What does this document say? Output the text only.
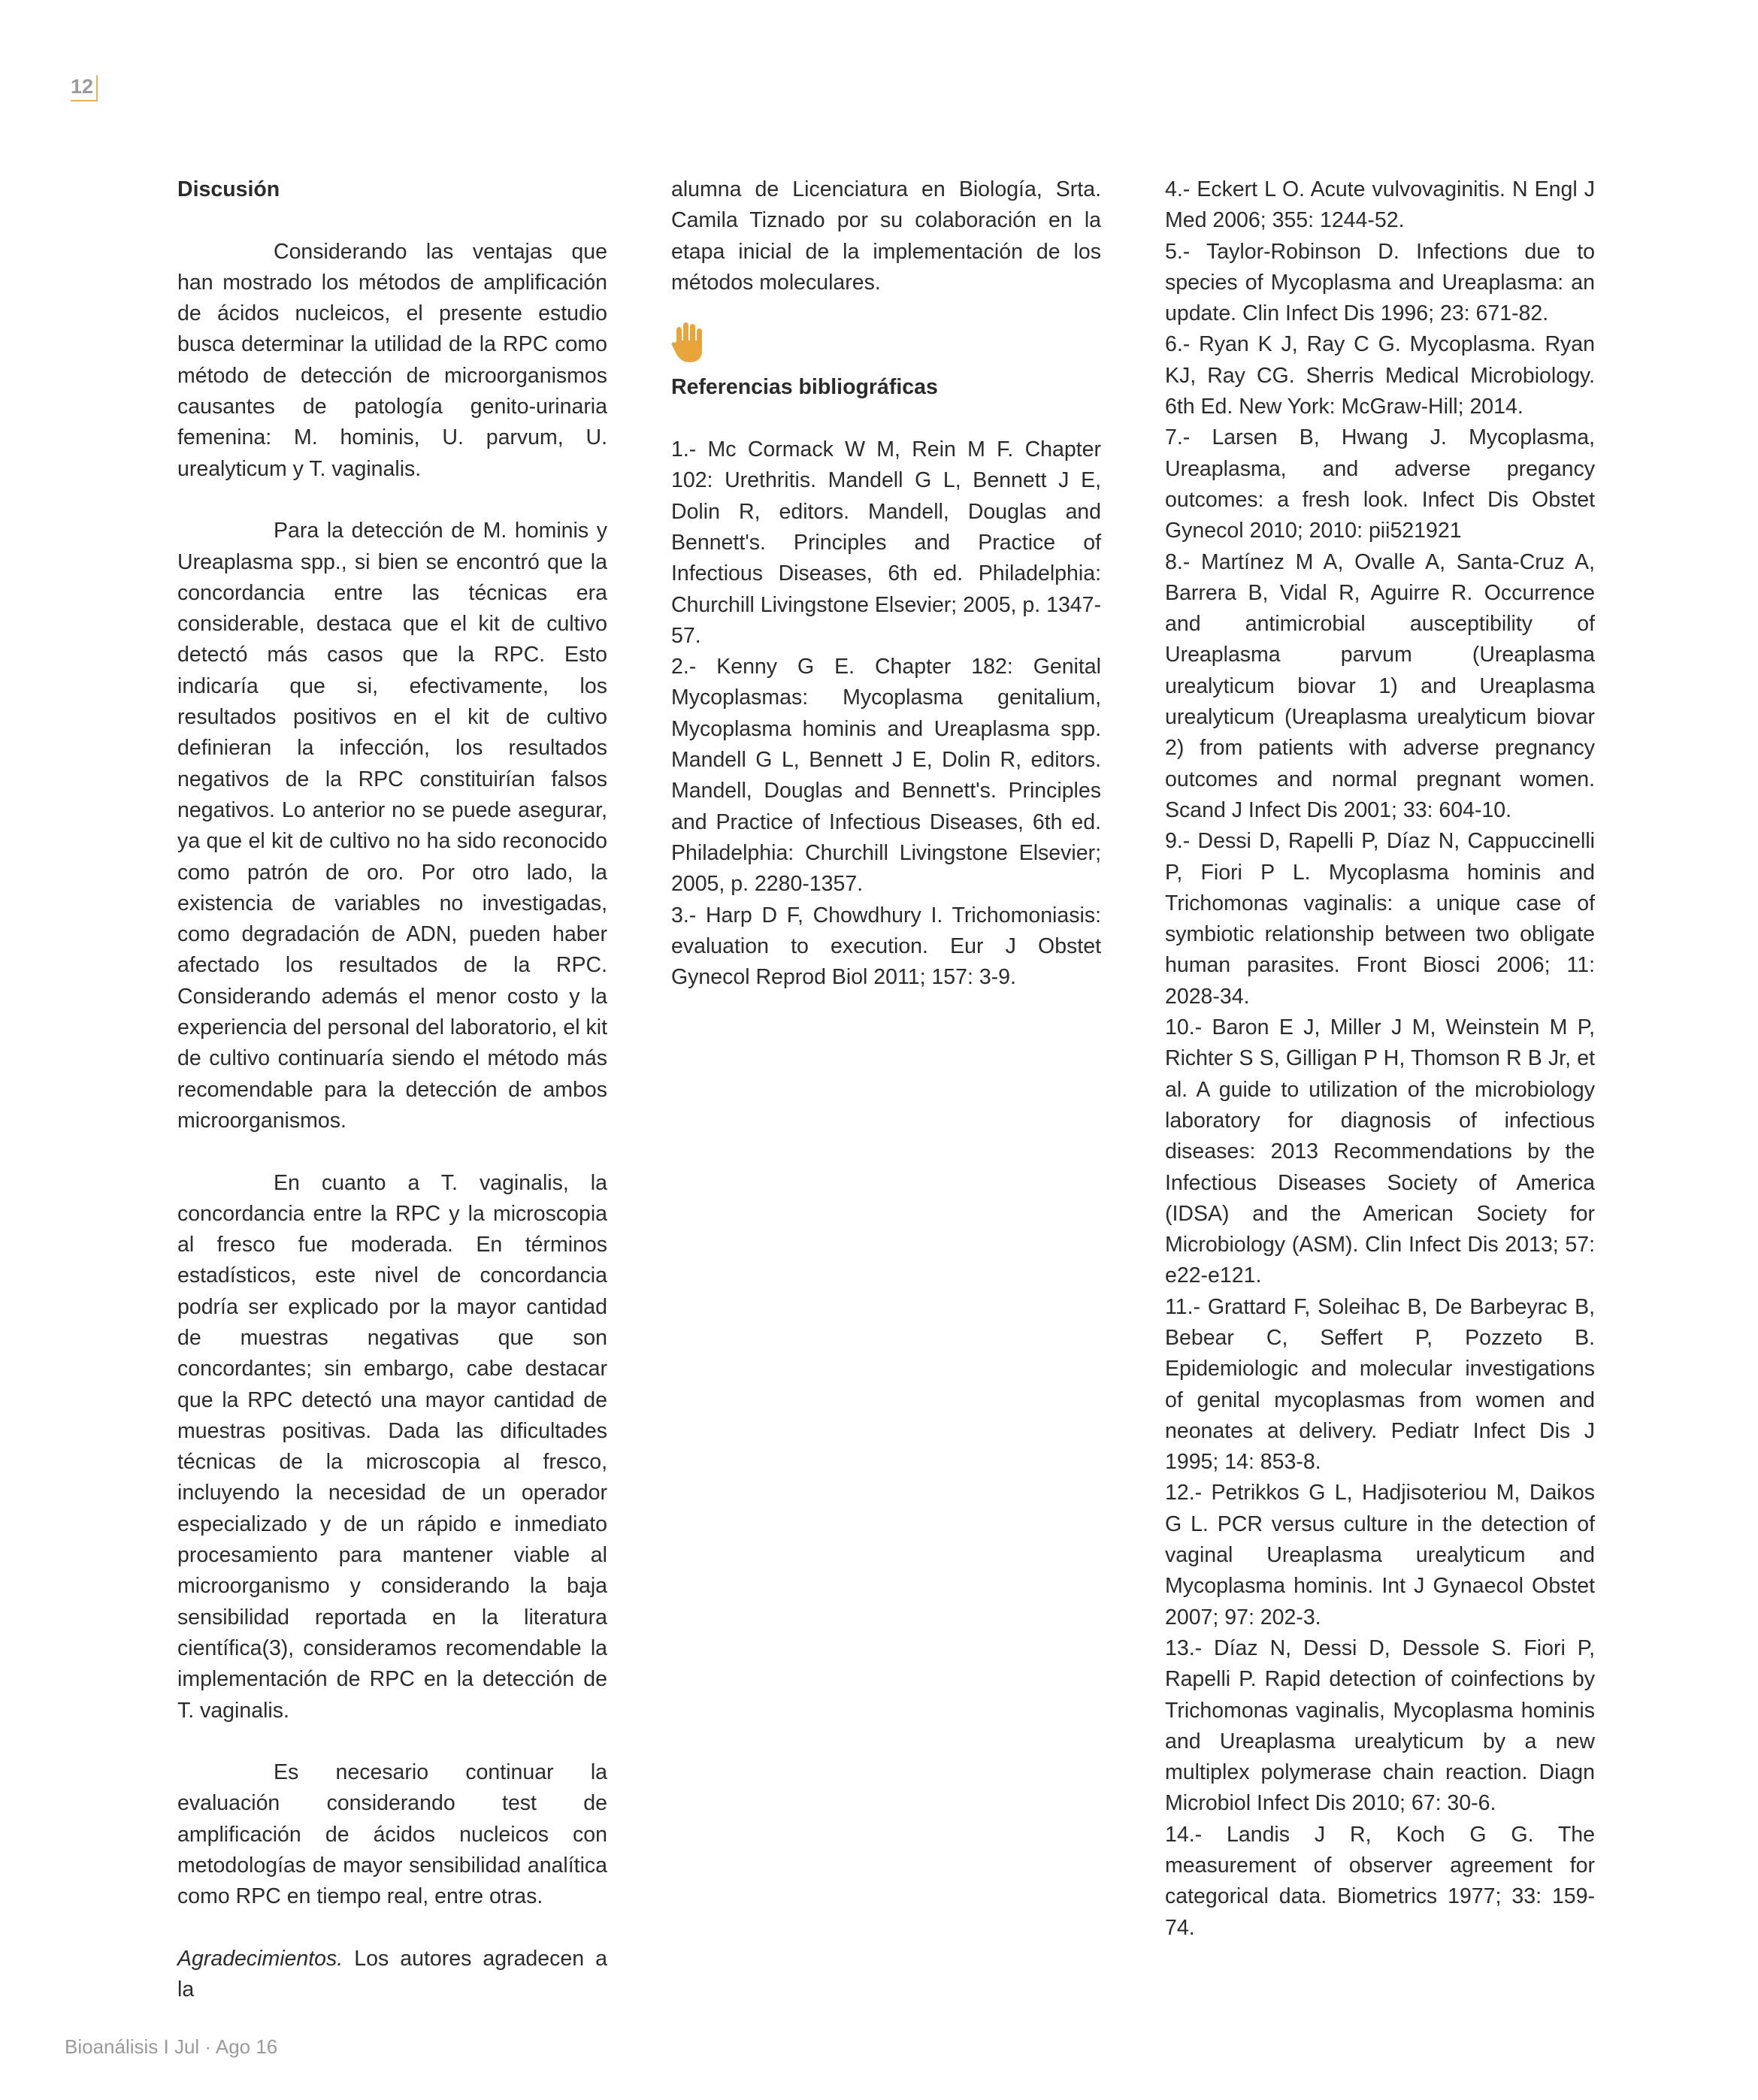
12

Discusión

Considerando las ventajas que han mostrado los métodos de amplificación de ácidos nucleicos, el presente estudio busca determinar la utilidad de la RPC como método de detección de microorganismos causantes de patología genito-urinaria femenina: M. hominis, U. parvum, U. urealyticum y T. vaginalis.

Para la detección de M. hominis y Ureaplasma spp., si bien se encontró que la concordancia entre las técnicas era considerable, destaca que el kit de cultivo detectó más casos que la RPC. Esto indicaría que si, efectivamente, los resultados positivos en el kit de cultivo definieran la infección, los resultados negativos de la RPC constituirían falsos negativos. Lo anterior no se puede asegurar, ya que el kit de cultivo no ha sido reconocido como patrón de oro. Por otro lado, la existencia de variables no investigadas, como degradación de ADN, pueden haber afectado los resultados de la RPC. Considerando además el menor costo y la experiencia del personal del laboratorio, el kit de cultivo continuaría siendo el método más recomendable para la detección de ambos microorganismos.

En cuanto a T. vaginalis, la concordancia entre la RPC y la microscopia al fresco fue moderada. En términos estadísticos, este nivel de concordancia podría ser explicado por la mayor cantidad de muestras negativas que son concordantes; sin embargo, cabe destacar que la RPC detectó una mayor cantidad de muestras positivas. Dada las dificultades técnicas de la microscopia al fresco, incluyendo la necesidad de un operador especializado y de un rápido e inmediato procesamiento para mantener viable al microorganismo y considerando la baja sensibilidad reportada en la literatura científica(3), consideramos recomendable la implementación de RPC en la detección de T. vaginalis.

Es necesario continuar la evaluación considerando test de amplificación de ácidos nucleicos con metodologías de mayor sensibilidad analítica como RPC en tiempo real, entre otras.

Agradecimientos. Los autores agradecen a la

alumna de Licenciatura en Biología, Srta. Camila Tiznado por su colaboración en la etapa inicial de la implementación de los métodos moleculares.

Referencias bibliográficas

1.- Mc Cormack W M, Rein M F. Chapter 102: Urethritis. Mandell G L, Bennett J E, Dolin R, editors. Mandell, Douglas and Bennett's. Principles and Practice of Infectious Diseases, 6th ed. Philadelphia: Churchill Livingstone Elsevier; 2005, p. 1347-57.

2.- Kenny G E. Chapter 182: Genital Mycoplasmas: Mycoplasma genitalium, Mycoplasma hominis and Ureaplasma spp. Mandell G L, Bennett J E, Dolin R, editors. Mandell, Douglas and Bennett's. Principles and Practice of Infectious Diseases, 6th ed. Philadelphia: Churchill Livingstone Elsevier; 2005, p. 2280-1357.

3.- Harp D F, Chowdhury I. Trichomoniasis: evaluation to execution. Eur J Obstet Gynecol Reprod Biol 2011; 157: 3-9.

4.- Eckert L O. Acute vulvovaginitis. N Engl J Med 2006; 355: 1244-52.

5.- Taylor-Robinson D. Infections due to species of Mycoplasma and Ureaplasma: an update. Clin Infect Dis 1996; 23: 671-82.

6.- Ryan K J, Ray C G. Mycoplasma. Ryan KJ, Ray CG. Sherris Medical Microbiology. 6th Ed. New York: McGraw-Hill; 2014.

7.- Larsen B, Hwang J. Mycoplasma, Ureaplasma, and adverse pregancy outcomes: a fresh look. Infect Dis Obstet Gynecol 2010; 2010: pii521921

8.- Martínez M A, Ovalle A, Santa-Cruz A, Barrera B, Vidal R, Aguirre R. Occurrence and antimicrobial ausceptibility of Ureaplasma parvum (Ureaplasma urealyticum biovar 1) and Ureaplasma urealyticum (Ureaplasma urealyticum biovar 2) from patients with adverse pregnancy outcomes and normal pregnant women. Scand J Infect Dis 2001; 33: 604-10.

9.- Dessi D, Rapelli P, Díaz N, Cappuccinelli P, Fiori P L. Mycoplasma hominis and Trichomonas vaginalis: a unique case of symbiotic relationship between two obligate human parasites. Front Biosci 2006; 11: 2028-34.

10.- Baron E J, Miller J M, Weinstein M P, Richter S S, Gilligan P H, Thomson R B Jr, et al. A guide to utilization of the microbiology laboratory for diagnosis of infectious diseases: 2013 Recommendations by the Infectious Diseases Society of America (IDSA) and the American Society for Microbiology (ASM). Clin Infect Dis 2013; 57: e22-e121.

11.- Grattard F, Soleihac B, De Barbeyrac B, Bebear C, Seffert P, Pozzeto B. Epidemiologic and molecular investigations of genital mycoplasmas from women and neonates at delivery. Pediatr Infect Dis J 1995; 14: 853-8.

12.- Petrikkos G L, Hadjisoteriou M, Daikos G L. PCR versus culture in the detection of vaginal Ureaplasma urealyticum and Mycoplasma hominis. Int J Gynaecol Obstet 2007; 97: 202-3.

13.- Díaz N, Dessi D, Dessole S. Fiori P, Rapelli P. Rapid detection of coinfections by Trichomonas vaginalis, Mycoplasma hominis and Ureaplasma urealyticum by a new multiplex polymerase chain reaction. Diagn Microbiol Infect Dis 2010; 67: 30-6.

14.- Landis J R, Koch G G. The measurement of observer agreement for categorical data. Biometrics 1977; 33: 159-74.

Bioanálisis I Jul · Ago 16
